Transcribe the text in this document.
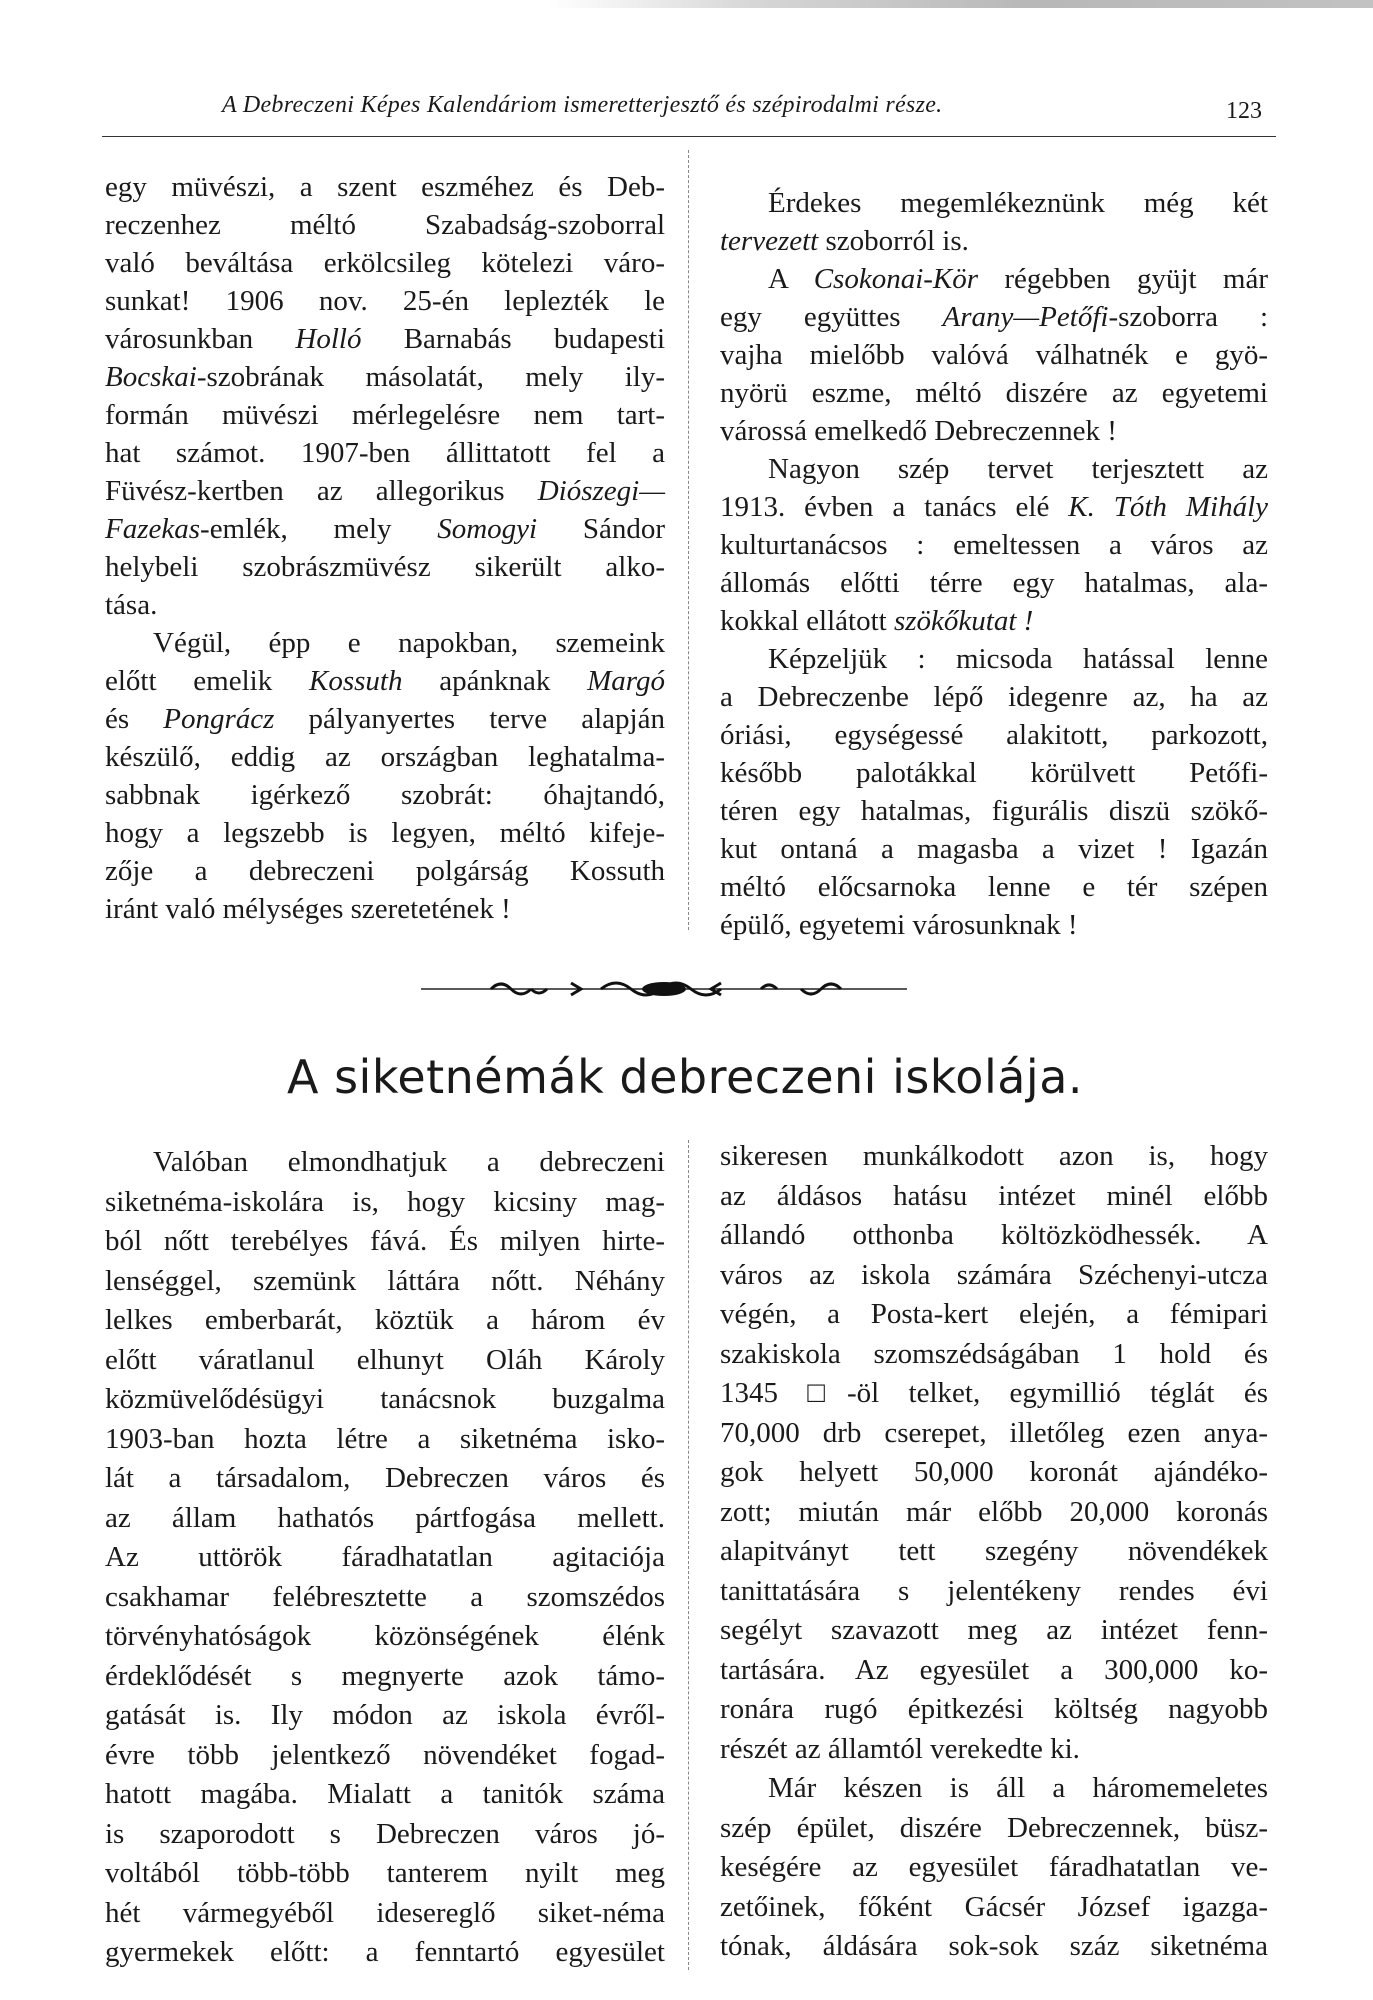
A Debreczeni Képes Kalendáriom ismeretterjesztő és szépirodalmi része.	123
egy müvészi, a szent eszméhez és Deb-
reczenhez méltó Szabadság-szoborral
való beváltása erkölcsileg kötelezi váro-
sunkat! 1906 nov. 25-én leplezték le
városunkban Holló Barnabás budapesti
Bocskai-szobrának másolatát, mely ily-
formán müvészi mérlegelésre nem tart-
hat számot. 1907-ben állittatott fel a
Füvész-kertben az allegorikus Diószegi—
Fazekas-emlék, mely Somogyi Sándor
helybeli szobrászmüvész sikerült alko-
tása.
Végül, épp e napokban, szemeink
előtt emelik Kossuth apánknak Margó
és Pongrácz pályanyertes terve alapján
készülő, eddig az országban leghatalma-
sabbnak igérkező szobrát: óhajtandó,
hogy a legszebb is legyen, méltó kifeje-
zője a debreczeni polgárság Kossuth
iránt való mélységes szeretetének !
Érdekes megemlékeznünk még két
tervezett szoborról is.
A Csokonai-Kör régebben gyüjt már
egy együttes Arany—Petőfi-szoborra :
vajha mielőbb valóvá válhatnék e gyö-
nyörü eszme, méltó diszére az egyetemi
várossá emelkedő Debreczennek !
Nagyon szép tervet terjesztett az
1913. évben a tanács elé K. Tóth Mihály
kulturtanácsos : emeltessen a város az
állomás előtti térre egy hatalmas, ala-
kokkal ellátott szökőkutat !
Képzeljük : micsoda hatással lenne
a Debreczenbe lépő idegenre az, ha az
óriási, egységessé alakitott, parkozott,
később palotákkal körülvett Petőfi-
téren egy hatalmas, figurális diszü szökő-
kut ontaná a magasba a vizet ! Igazán
méltó előcsarnoka lenne e tér szépen
épülő, egyetemi városunknak !
A siketnémák debreczeni iskolája.
Valóban elmondhatjuk a debreczeni
siketnéma-iskolára is, hogy kicsiny mag-
ból nőtt terebélyes fává. És milyen hirte-
lenséggel, szemünk láttára nőtt. Néhány
lelkes emberbarát, köztük a három év
előtt váratlanul elhunyt Oláh Károly
közmüvelődésügyi tanácsnok buzgalma
1903-ban hozta létre a siketnéma isko-
lát a társadalom, Debreczen város és
az állam hathatós pártfogása mellett.
Az uttörök fáradhatatlan agitaciója
csakhamar felébresztette a szomszédos
törvényhatóságok közönségének élénk
érdeklődését s megnyerte azok támo-
gatását is. Ily módon az iskola évről-
évre több jelentkező növendéket fogad-
hatott magába. Mialatt a tanitók száma
is szaporodott s Debreczen város jó-
voltából több-több tanterem nyilt meg
hét vármegyéből idesereglő siket-néma
gyermekek előtt: a fenntartó egyesület
sikeresen munkálkodott azon is, hogy
az áldásos hatásu intézet minél előbb
állandó otthonba költözködhessék. A
város az iskola számára Széchenyi-utcza
végén, a Posta-kert elején, a fémipari
szakiskola szomszédságában 1 hold és
1345 □-öl telket, egymillió téglát és
70,000 drb cserepet, illetőleg ezen anya-
gok helyett 50,000 koronát ajándéko-
zott; miután már előbb 20,000 koronás
alapitványt tett szegény növendékek
tanittatására s jelentékeny rendes évi
segélyt szavazott meg az intézet fenn-
tartására. Az egyesület a 300,000 ko-
ronára rugó épitkezési költség nagyobb
részét az államtól verekedte ki.
Már készen is áll a háromemeletes
szép épület, diszére Debreczennek, büsz-
keségére az egyesület fáradhatatlan ve-
zetőinek, főként Gácsér József igazga-
tónak, áldására sok-sok száz siketnéma
